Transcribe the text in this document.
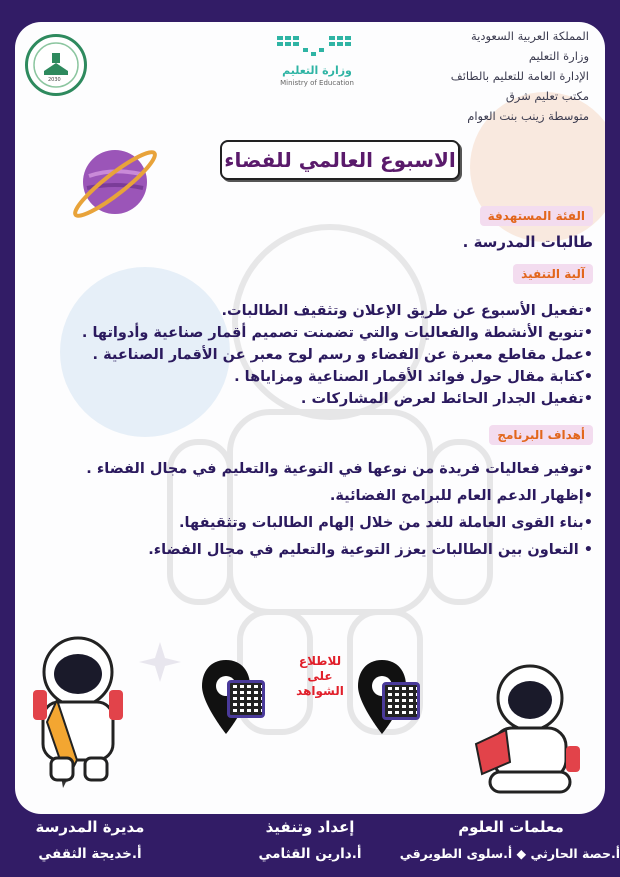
وزارة التعليم
Ministry of Education
2030
المملكة العربية السعودية
وزارة التعليم
الإدارة العامة للتعليم بالطائف
مكتب تعليم شرق
متوسطة زينب بنت العوام
الاسبوع العالمي للفضاء
الفئة المستهدفة
طالبات المدرسة .
آلية التنفيذ
•تفعيل الأسبوع عن طريق الإعلان وتثقيف الطالبات.
•تنويع الأنشطة والفعاليات والتي تضمنت تصميم أقمار صناعية وأدواتها .
•عمل مقاطع معبرة عن الفضاء و رسم لوح معبر عن الأقمار الصناعية .
•كتابة مقال حول فوائد الأقمار الصناعية ومزاياها .
•تفعيل الجدار الحائط لعرض المشاركات .
أهداف البرنامج
•توفير فعاليات فريدة من نوعها في التوعية والتعليم في مجال الفضاء .
•إظهار الدعم العام للبرامج الفضائية.
•بناء القوى العاملة للغد من خلال إلهام الطالبات وتثقيفها.
• التعاون بين الطالبات يعزز التوعية والتعليم في مجال الفضاء.
للاطلاع
على
الشواهد
معلمات العلوم
أ.حصة الحارثي ◆ أ.سلوى الطويرقي
إعداد وتنفيذ
أ.دارين القثامي
مديرة المدرسة
أ.خديجة الثقفي
